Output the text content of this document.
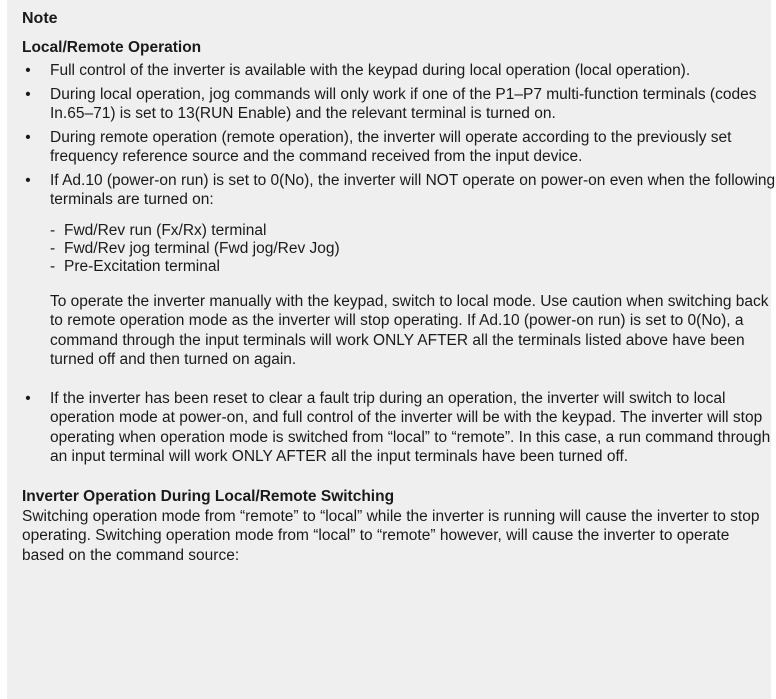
Note
Local/Remote Operation
• Full control of the inverter is available with the keypad during local operation (local operation).
• During local operation, jog commands will only work if one of the P1–P7 multi-function terminals (codes In.65–71) is set to 13(RUN Enable) and the relevant terminal is turned on.
• During remote operation (remote operation), the inverter will operate according to the previously set frequency reference source and the command received from the input device.
• If Ad.10 (power-on run) is set to 0(No), the inverter will NOT operate on power-on even when the following terminals are turned on:
- Fwd/Rev run (Fx/Rx) terminal
- Fwd/Rev jog terminal (Fwd jog/Rev Jog)
- Pre-Excitation terminal
To operate the inverter manually with the keypad, switch to local mode. Use caution when switching back to remote operation mode as the inverter will stop operating. If Ad.10 (power-on run) is set to 0(No), a command through the input terminals will work ONLY AFTER all the terminals listed above have been turned off and then turned on again.
• If the inverter has been reset to clear a fault trip during an operation, the inverter will switch to local operation mode at power-on, and full control of the inverter will be with the keypad. The inverter will stop operating when operation mode is switched from “local” to “remote”. In this case, a run command through an input terminal will work ONLY AFTER all the input terminals have been turned off.
Inverter Operation During Local/Remote Switching

Switching operation mode from “remote” to “local” while the inverter is running will cause the inverter to stop operating. Switching operation mode from “local” to “remote” however, will cause the inverter to operate based on the command source:
